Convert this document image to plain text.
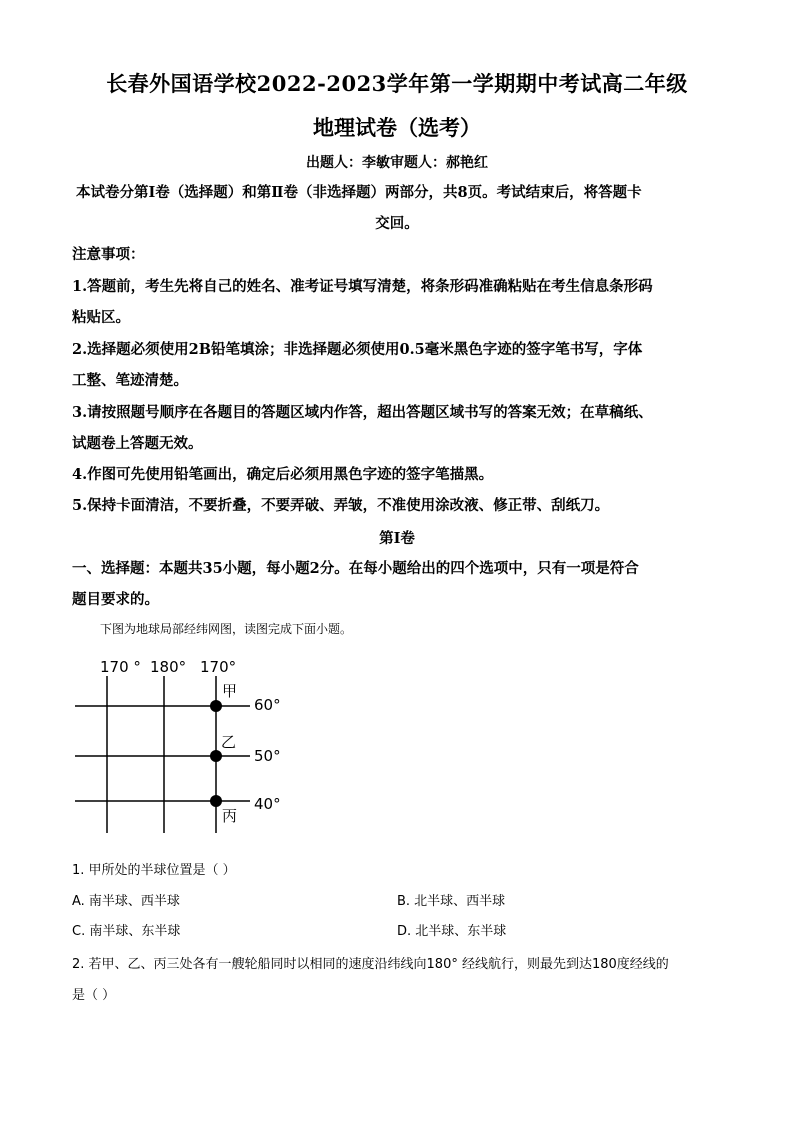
长春外国语学校2022-2023学年第一学期期中考试高二年级
地理试卷（选考）
出题人：李敏审题人：郝艳红
本试卷分第Ⅰ卷（选择题）和第Ⅱ卷（非选择题）两部分，共8页。考试结束后，将答题卡
交回。
注意事项：
1.答题前，考生先将自己的姓名、准考证号填写清楚，将条形码准确粘贴在考生信息条形码
粘贴区。
2.选择题必须使用2B铅笔填涂；非选择题必须使用0.5毫米黑色字迹的签字笔书写，字体
工整、笔迹清楚。
3.请按照题号顺序在各题目的答题区域内作答，超出答题区域书写的答案无效；在草稿纸、
试题卷上答题无效。
4.作图可先使用铅笔画出，确定后必须用黑色字迹的签字笔描黑。
5.保持卡面清洁，不要折叠，不要弄破、弄皱，不准使用涂改液、修正带、刮纸刀。
第Ⅰ卷
一、选择题：本题共35小题，每小题2分。在每小题给出的四个选项中，只有一项是符合
题目要求的。
下图为地球局部经纬网图，读图完成下面小题。
170 ° 180° 170°
60°
50°
40°
甲
乙
丙
1. 甲所处的半球位置是（ ）
A. 南半球、西半球	B. 北半球、西半球
C. 南半球、东半球	D. 北半球、东半球
2. 若甲、乙、丙三处各有一艘轮船同时以相同的速度沿纬线向180° 经线航行，则最先到达180度经线的
是（ ）
